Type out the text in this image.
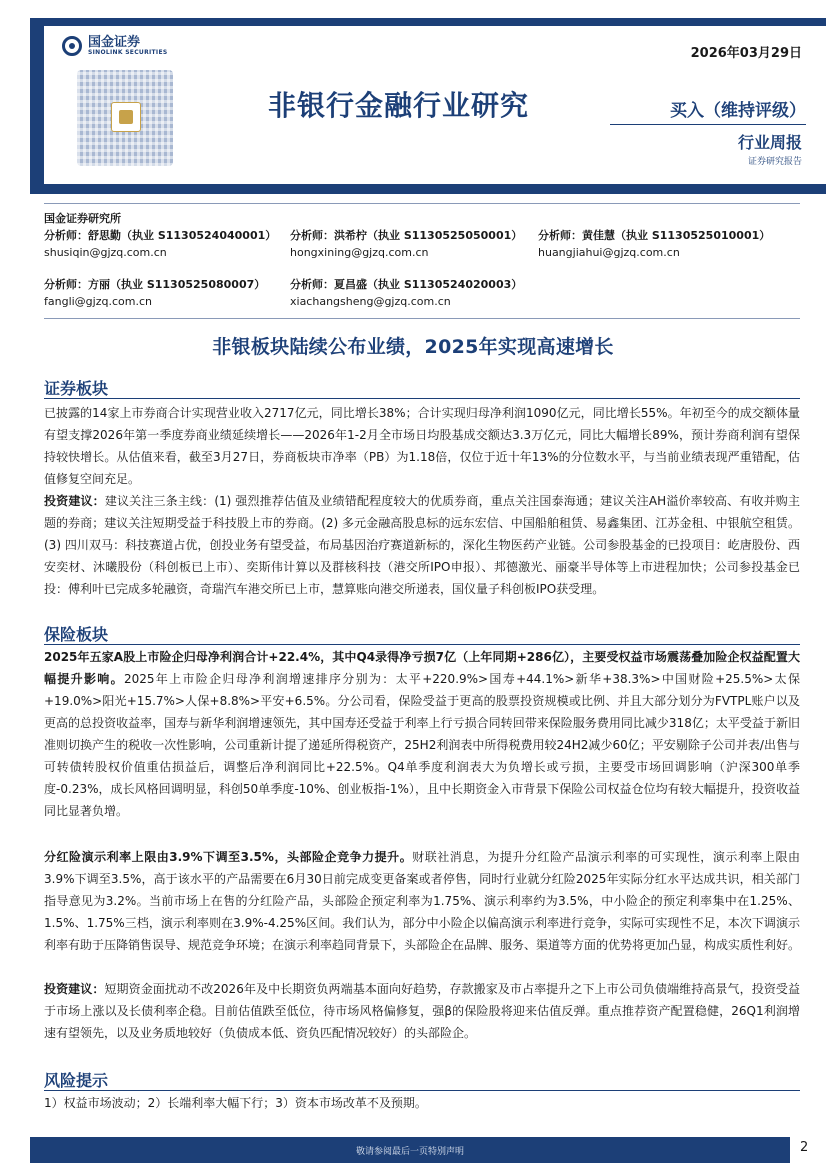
国金证券
SINOLINK SECURITIES	2026年03月29日
非银行金融行业研究	买入（维持评级）
行业周报
证券研究报告
国金证券研究所
分析师：舒思勤（执业 S1130524040001）
shusiqin@gjzq.com.cn
分析师：洪希柠（执业 S1130525050001）
hongxining@gjzq.com.cn
分析师：黄佳慧（执业 S1130525010001）
huangjiahui@gjzq.com.cn
分析师：方丽（执业 S1130525080007）
fangli@gjzq.com.cn
分析师：夏昌盛（执业 S1130524020003）
xiachangsheng@gjzq.com.cn
非银板块陆续公布业绩，2025年实现高速增长
证券板块
已披露的14家上市券商合计实现营业收入2717亿元，同比增长38%；合计实现归母净利润1090亿元，同比增长55%。年初至今的成交额体量有望支撑2026年第一季度券商业绩延续增长——2026年1-2月全市场日均股基成交额达3.3万亿元，同比大幅增长89%，预计券商利润有望保持较快增长。从估值来看，截至3月27日，券商板块市净率（PB）为1.18倍，仅位于近十年13%的分位数水平，与当前业绩表现严重错配，估值修复空间充足。
投资建议：建议关注三条主线：(1) 强烈推荐估值及业绩错配程度较大的优质券商，重点关注国泰海通；建议关注AH溢价率较高、有收并购主题的券商；建议关注短期受益于科技股上市的券商。(2) 多元金融高股息标的远东宏信、中国船舶租赁、易鑫集团、江苏金租、中银航空租赁。(3) 四川双马：科技赛道占优，创投业务有望受益，布局基因治疗赛道新标的，深化生物医药产业链。公司参股基金的已投项目：屹唐股份、西安奕材、沐曦股份（科创板已上市）、奕斯伟计算以及群核科技（港交所IPO申报）、邦德激光、丽豪半导体等上市进程加快；公司参投基金已投：傅利叶已完成多轮融资，奇瑞汽车港交所已上市，慧算账向港交所递表，国仪量子科创板IPO获受理。
保险板块
2025年五家A股上市险企归母净利润合计+22.4%，其中Q4录得净亏损7亿（上年同期+286亿），主要受权益市场震荡叠加险企权益配置大幅提升影响。2025年上市险企归母净利润增速排序分别为：太平+220.9%>国寿+44.1%>新华+38.3%>中国财险+25.5%>太保+19.0%>阳光+15.7%>人保+8.8%>平安+6.5%。分公司看，保险受益于更高的股票投资规模或比例、并且大部分划分为FVTPL账户以及更高的总投资收益率，国寿与新华利润增速领先，其中国寿还受益于利率上行亏损合同转回带来保险服务费用同比减少318亿；太平受益于新旧准则切换产生的税收一次性影响，公司重新计提了递延所得税资产，25H2利润表中所得税费用较24H2减少60亿；平安剔除子公司并表/出售与可转债转股权价值重估损益后，调整后净利润同比+22.5%。Q4单季度利润表大为负增长或亏损，主要受市场回调影响（沪深300单季度-0.23%，成长风格回调明显，科创50单季度-10%、创业板指-1%），且中长期资金入市背景下保险公司权益仓位均有较大幅提升，投资收益同比显著负增。
分红险演示利率上限由3.9%下调至3.5%，头部险企竞争力提升。财联社消息，为提升分红险产品演示利率的可实现性，演示利率上限由3.9%下调至3.5%，高于该水平的产品需要在6月30日前完成变更备案或者停售，同时行业就分红险2025年实际分红水平达成共识，相关部门指导意见为3.2%。当前市场上在售的分红险产品，头部险企预定利率为1.75%、演示利率约为3.5%，中小险企的预定利率集中在1.25%、1.5%、1.75%三档，演示利率则在3.9%-4.25%区间。我们认为，部分中小险企以偏高演示利率进行竞争，实际可实现性不足，本次下调演示利率有助于压降销售误导、规范竞争环境；在演示利率趋同背景下，头部险企在品牌、服务、渠道等方面的优势将更加凸显，构成实质性利好。
投资建议：短期资金面扰动不改2026年及中长期资负两端基本面向好趋势，存款搬家及市占率提升之下上市公司负债端维持高景气，投资受益于市场上涨以及长债利率企稳。目前估值跌至低位，待市场风格偏修复，强β的保险股将迎来估值反弹。重点推荐资产配置稳健，26Q1利润增速有望领先，以及业务质地较好（负债成本低、资负匹配情况较好）的头部险企。
风险提示
1）权益市场波动；2）长端利率大幅下行；3）资本市场改革不及预期。
敬请参阅最后一页特别声明	2
